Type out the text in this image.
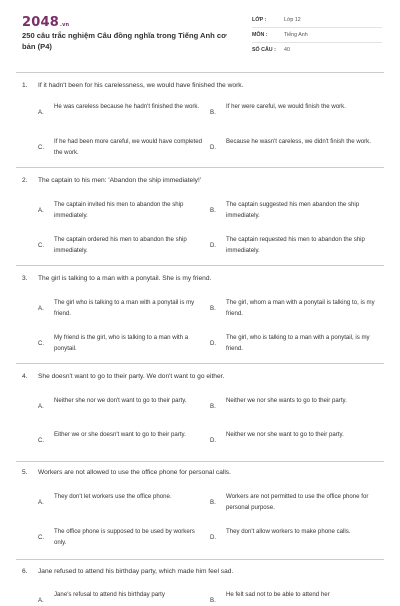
2048.vn
250 câu trắc nghiệm Câu đồng nghĩa trong Tiếng Anh cơ bản (P4)
LỚP :	Lớp 12
MÔN :	Tiếng Anh
SỐ CÂU : 40
1. If it hadn't been for his carelessness, we would have finished the work.
A.
He was careless because he hadn't finished the work.
B.
If her were careful, we would finish the work.
C.
If he had been more careful, we would have completed the work.
D.
Because he wasn't careless, we didn't finish the work.
2. The captain to his men: 'Abandon the ship immediately!'
A.
The captain invited his men to abandon the ship immediately.
B.
The captain suggested his men abandon the ship immediately.
C.
The captain ordered his men to abandon the ship immediately.
D.
The captain requested his men to abandon the ship immediately.
3. The girl is talking to a man with a ponytail. She is my friend.
A.
The girl who is talking to a man with a ponytail is my friend.
B.
The girl, whom a man with a ponytail is talking to, is my friend.
C.
My friend is the girl, who is talking to a man with a ponytail.
D.
The girl, who is talking to a man with a ponytail, is my friend.
4. She doesn't want to go to their party. We don't want to go either.
A.
Neither she nor we don't want to go to their party.
B.
Neither we nor she wants to go to their party.
C.
Either we or she doesn't want to go to their party.
D.
Neither we nor she want to go to their party.
5. Workers are not allowed to use the office phone for personal calls.
A.
They don't let workers use the office phone.
B.
Workers are not permitted to use the office phone for personal purpose.
C.
The office phone is supposed to be used by workers only.
D.
They don't allow workers to make phone calls.
6. Jane refused to attend his birthday party, which made him feel sad.
A.
Jane's refusal to attend his birthday party
B.
He felt sad not to be able to attend her
